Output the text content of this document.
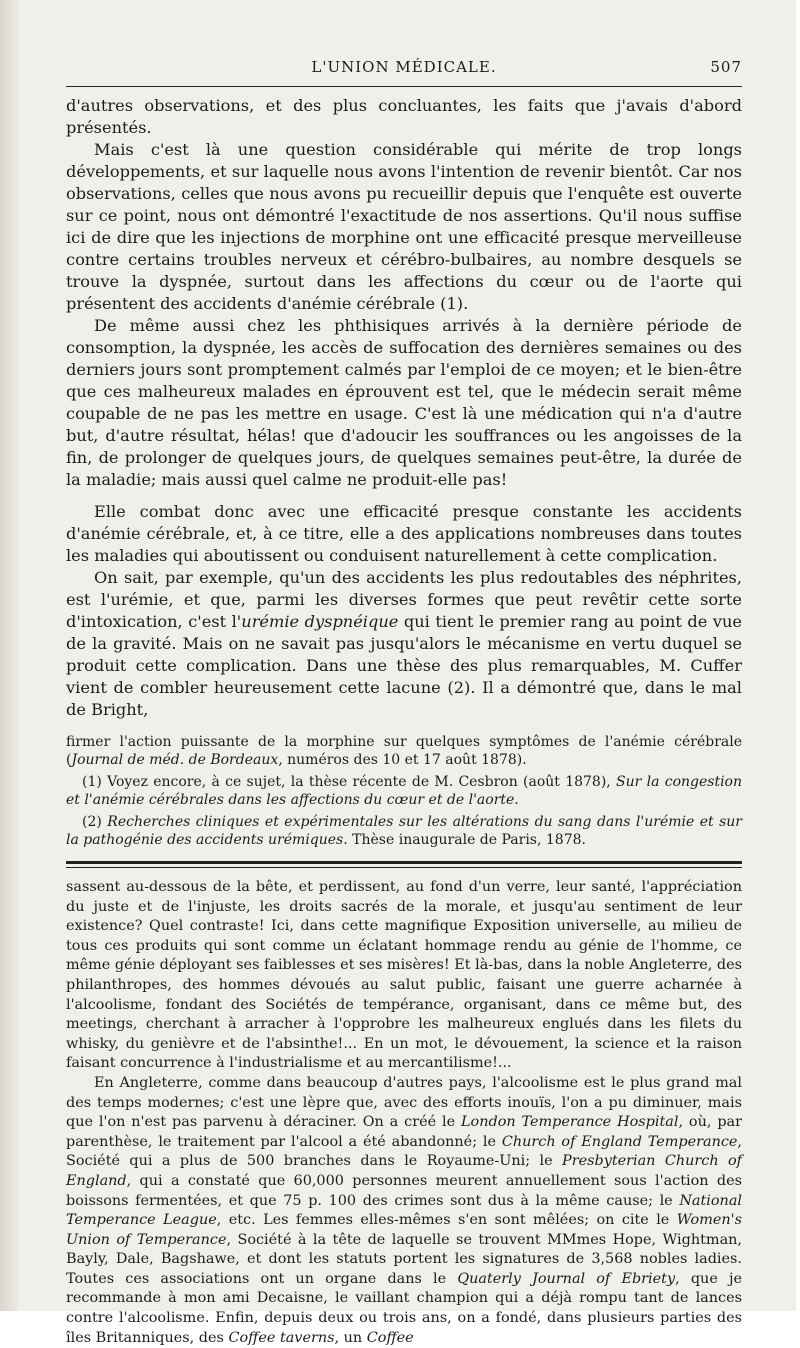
L'UNION MÉDICALE.	507

d'autres observations, et des plus concluantes, les faits que j'avais d'abord présentés.

Mais c'est là une question considérable qui mérite de trop longs développements, et sur laquelle nous avons l'intention de revenir bientôt. Car nos observations, celles que nous avons pu recueillir depuis que l'enquête est ouverte sur ce point, nous ont démontré l'exactitude de nos assertions. Qu'il nous suffise ici de dire que les injections de morphine ont une efficacité presque merveilleuse contre certains troubles nerveux et cérébro-bulbaires, au nombre desquels se trouve la dyspnée, surtout dans les affections du cœur ou de l'aorte qui présentent des accidents d'anémie cérébrale (1).

De même aussi chez les phthisiques arrivés à la dernière période de consomption, la dyspnée, les accès de suffocation des dernières semaines ou des derniers jours sont promptement calmés par l'emploi de ce moyen; et le bien-être que ces malheureux malades en éprouvent est tel, que le médecin serait même coupable de ne pas les mettre en usage. C'est là une médication qui n'a d'autre but, d'autre résultat, hélas! que d'adoucir les souffrances ou les angoisses de la fin, de prolonger de quelques jours, de quelques semaines peut-être, la durée de la maladie; mais aussi quel calme ne produit-elle pas!

Elle combat donc avec une efficacité presque constante les accidents d'anémie cérébrale, et, à ce titre, elle a des applications nombreuses dans toutes les maladies qui aboutissent ou conduisent naturellement à cette complication.

On sait, par exemple, qu'un des accidents les plus redoutables des néphrites, est l'urémie, et que, parmi les diverses formes que peut revêtir cette sorte d'intoxication, c'est l'urémie dyspnéique qui tient le premier rang au point de vue de la gravité. Mais on ne savait pas jusqu'alors le mécanisme en vertu duquel se produit cette complication. Dans une thèse des plus remarquables, M. Cuffer vient de combler heureusement cette lacune (2). Il a démontré que, dans le mal de Bright,

firmer l'action puissante de la morphine sur quelques symptômes de l'anémie cérébrale (Journal de méd. de Bordeaux, numéros des 10 et 17 août 1878).

(1) Voyez encore, à ce sujet, la thèse récente de M. Cesbron (août 1878), Sur la congestion et l'anémie cérébrales dans les affections du cœur et de l'aorte.

(2) Recherches cliniques et expérimentales sur les altérations du sang dans l'urémie et sur la pathogénie des accidents urémiques. Thèse inaugurale de Paris, 1878.

sassent au-dessous de la bête, et perdissent, au fond d'un verre, leur santé, l'appréciation du juste et de l'injuste, les droits sacrés de la morale, et jusqu'au sentiment de leur existence? Quel contraste! Ici, dans cette magnifique Exposition universelle, au milieu de tous ces produits qui sont comme un éclatant hommage rendu au génie de l'homme, ce même génie déployant ses faiblesses et ses misères! Et là-bas, dans la noble Angleterre, des philanthropes, des hommes dévoués au salut public, faisant une guerre acharnée à l'alcoolisme, fondant des Sociétés de tempérance, organisant, dans ce même but, des meetings, cherchant à arracher à l'opprobre les malheureux englués dans les filets du whisky, du genièvre et de l'absinthe!... En un mot, le dévouement, la science et la raison faisant concurrence à l'industrialisme et au mercantilisme!...

En Angleterre, comme dans beaucoup d'autres pays, l'alcoolisme est le plus grand mal des temps modernes; c'est une lèpre que, avec des efforts inouïs, l'on a pu diminuer, mais que l'on n'est pas parvenu à déraciner. On a créé le London Temperance Hospital, où, par parenthèse, le traitement par l'alcool a été abandonné; le Church of England Temperance, Société qui a plus de 500 branches dans le Royaume-Uni; le Presbyterian Church of England, qui a constaté que 60,000 personnes meurent annuellement sous l'action des boissons fermentées, et que 75 p. 100 des crimes sont dus à la même cause; le National Temperance League, etc. Les femmes elles-mêmes s'en sont mêlées; on cite le Women's Union of Temperance, Société à la tête de laquelle se trouvent MMmes Hope, Wightman, Bayly, Dale, Bagshawe, et dont les statuts portent les signatures de 3,568 nobles ladies. Toutes ces associations ont un organe dans le Quaterly Journal of Ebriety, que je recommande à mon ami Decaisne, le vaillant champion qui a déjà rompu tant de lances contre l'alcoolisme. Enfin, depuis deux ou trois ans, on a fondé, dans plusieurs parties des îles Britanniques, des Coffee taverns, un Coffee
